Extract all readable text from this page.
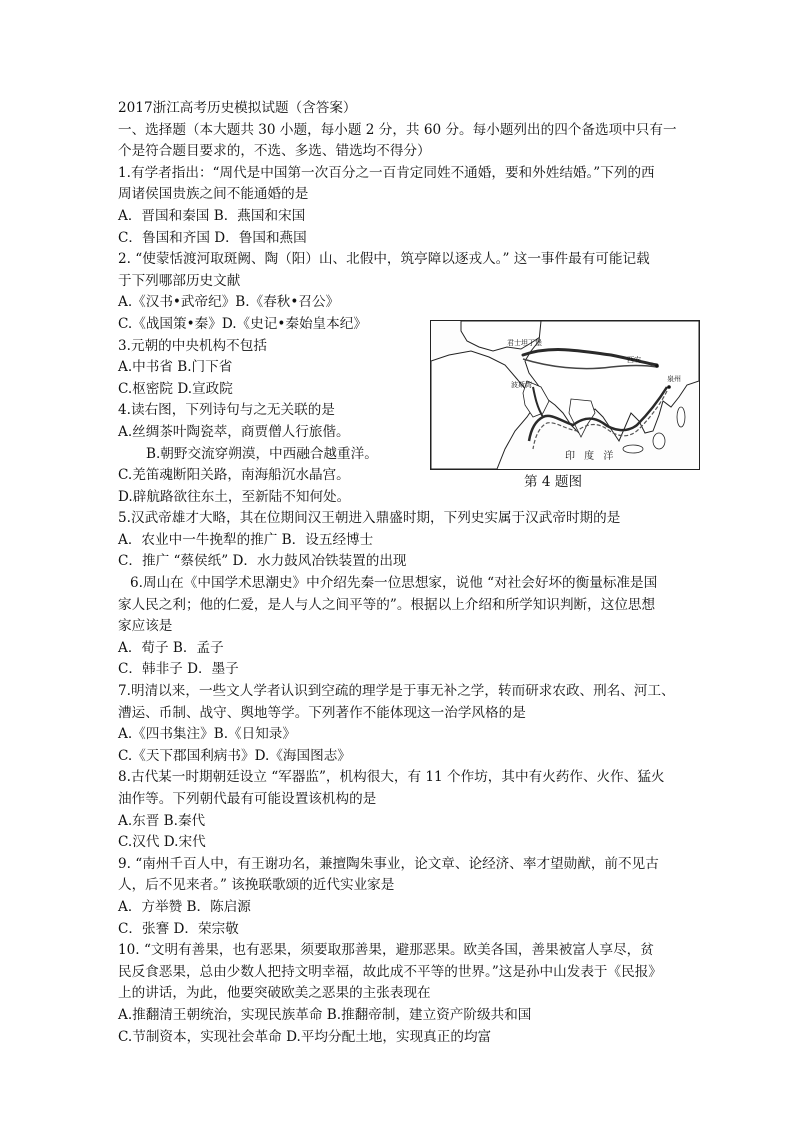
2017浙江高考历史模拟试题（含答案）
一、选择题（本大题共 30 小题，每小题 2 分，共 60 分。每小题列出的四个备选项中只有一
个是符合题目要求的，不选、多选、错选均不得分）
1.有学者指出：“周代是中国第一次百分之一百肯定同姓不通婚，要和外姓结婚。”下列的西
周诸侯国贵族之间不能通婚的是
A．晋国和秦国 B．燕国和宋国
C．鲁国和齐国 D．鲁国和燕国
2. “使蒙恬渡河取斑阙、陶（阳）山、北假中，筑亭障以逐戎人。” 这一事件最有可能记载
于下列哪部历史文献
A.《汉书•武帝纪》B.《春秋•召公》
C.《战国策•秦》D.《史记•秦始皇本纪》
3.元朝的中央机构不包括
A.中书省 B.门下省
C.枢密院 D.宣政院
4.读右图，下列诗句与之无关联的是
A.丝绸茶叶陶瓷萃，商贾僧人行旅偕。
B.朝野交流穿朔漠，中西融合越重洋。
C.羌笛魂断阳关路，南海船沉水晶宫。
D.辟航路欲往东土，至新陆不知何处。
5.汉武帝雄才大略，其在位期间汉王朝进入鼎盛时期，下列史实属于汉武帝时期的是
A．农业中一牛挽犁的推广 B．设五经博士
C．推广 “蔡侯纸” D．水力鼓风冶铁装置的出现
6.周山在《中国学术思潮史》中介绍先秦一位思想家，说他 “对社会好坏的衡量标准是国
家人民之利；他的仁爱，是人与人之间平等的”。根据以上介绍和所学知识判断，这位思想
家应该是
A．荀子 B．孟子
C．韩非子 D．墨子
7.明清以来，一些文人学者认识到空疏的理学是于事无补之学，转而研求农政、刑名、河工、
漕运、币制、战守、舆地等学。下列著作不能体现这一治学风格的是
A.《四书集注》B.《日知录》
C.《天下郡国利病书》D.《海国图志》
8.古代某一时期朝廷设立 “军器监”，机构很大，有 11 个作坊，其中有火药作、火作、猛火
油作等。下列朝代最有可能设置该机构的是
A.东晋 B.秦代
C.汉代 D.宋代
9. “南州千百人中，有王谢功名，兼擅陶朱事业，论文章、论经济、率才望勋猷，前不见古
人，后不见来者。” 该挽联歌颂的近代实业家是
A．方举赞 B．陈启源
C．张謇 D．荣宗敬
10. “文明有善果，也有恶果，须要取那善果，避那恶果。欧美各国，善果被富人享尽，贫
民反食恶果，总由少数人把持文明幸福，故此成不平等的世界。”这是孙中山发表于《民报》
上的讲话，为此，他要突破欧美之恶果的主张表现在
A.推翻清王朝统治，实现民族革命 B.推翻帝制，建立资产阶级共和国
C.节制资本，实现社会革命 D.平均分配土地，实现真正的均富
西安
泉州
君士坦丁堡
波斯湾
印 度 洋
第 4 题图
